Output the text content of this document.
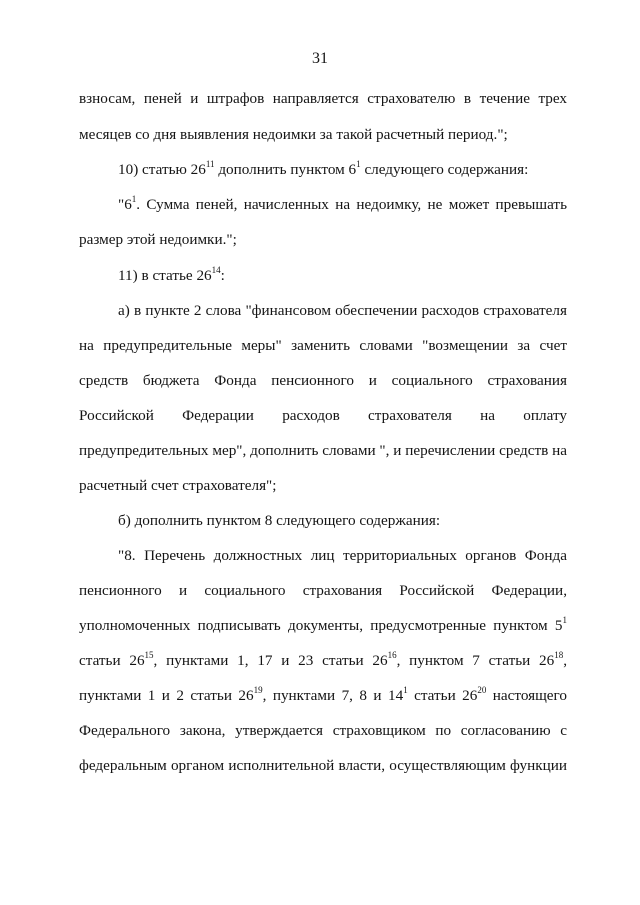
31
взносам, пеней и штрафов направляется страхователю в течение трех
месяцев со дня выявления недоимки за такой расчетный период.";
10) статью $26^{11}$ дополнить пунктом $6^1$ следующего содержания:
"$6^1$. Сумма пеней, начисленных на недоимку, не может превышать
размер этой недоимки.";
11) в статье $26^{14}$:
а) в пункте 2 слова "финансовом обеспечении расходов страхователя
на предупредительные меры" заменить словами "возмещении за счет
средств бюджета Фонда пенсионного и социального страхования
Российской Федерации расходов страхователя на оплату
предупредительных мер", дополнить словами ", и перечислении средств на
расчетный счет страхователя";
б) дополнить пунктом 8 следующего содержания:
"8. Перечень должностных лиц территориальных органов Фонда
пенсионного и социального страхования Российской Федерации,
уполномоченных подписывать документы, предусмотренные пунктом $5^1$
статьи $26^{15}$, пунктами 1, 17 и 23 статьи $26^{16}$, пунктом 7 статьи $26^{18}$,
пунктами 1 и 2 статьи $26^{19}$, пунктами 7, 8 и $14^1$ статьи $26^{20}$ настоящего
Федерального закона, утверждается страховщиком по согласованию с
федеральным органом исполнительной власти, осуществляющим функции
